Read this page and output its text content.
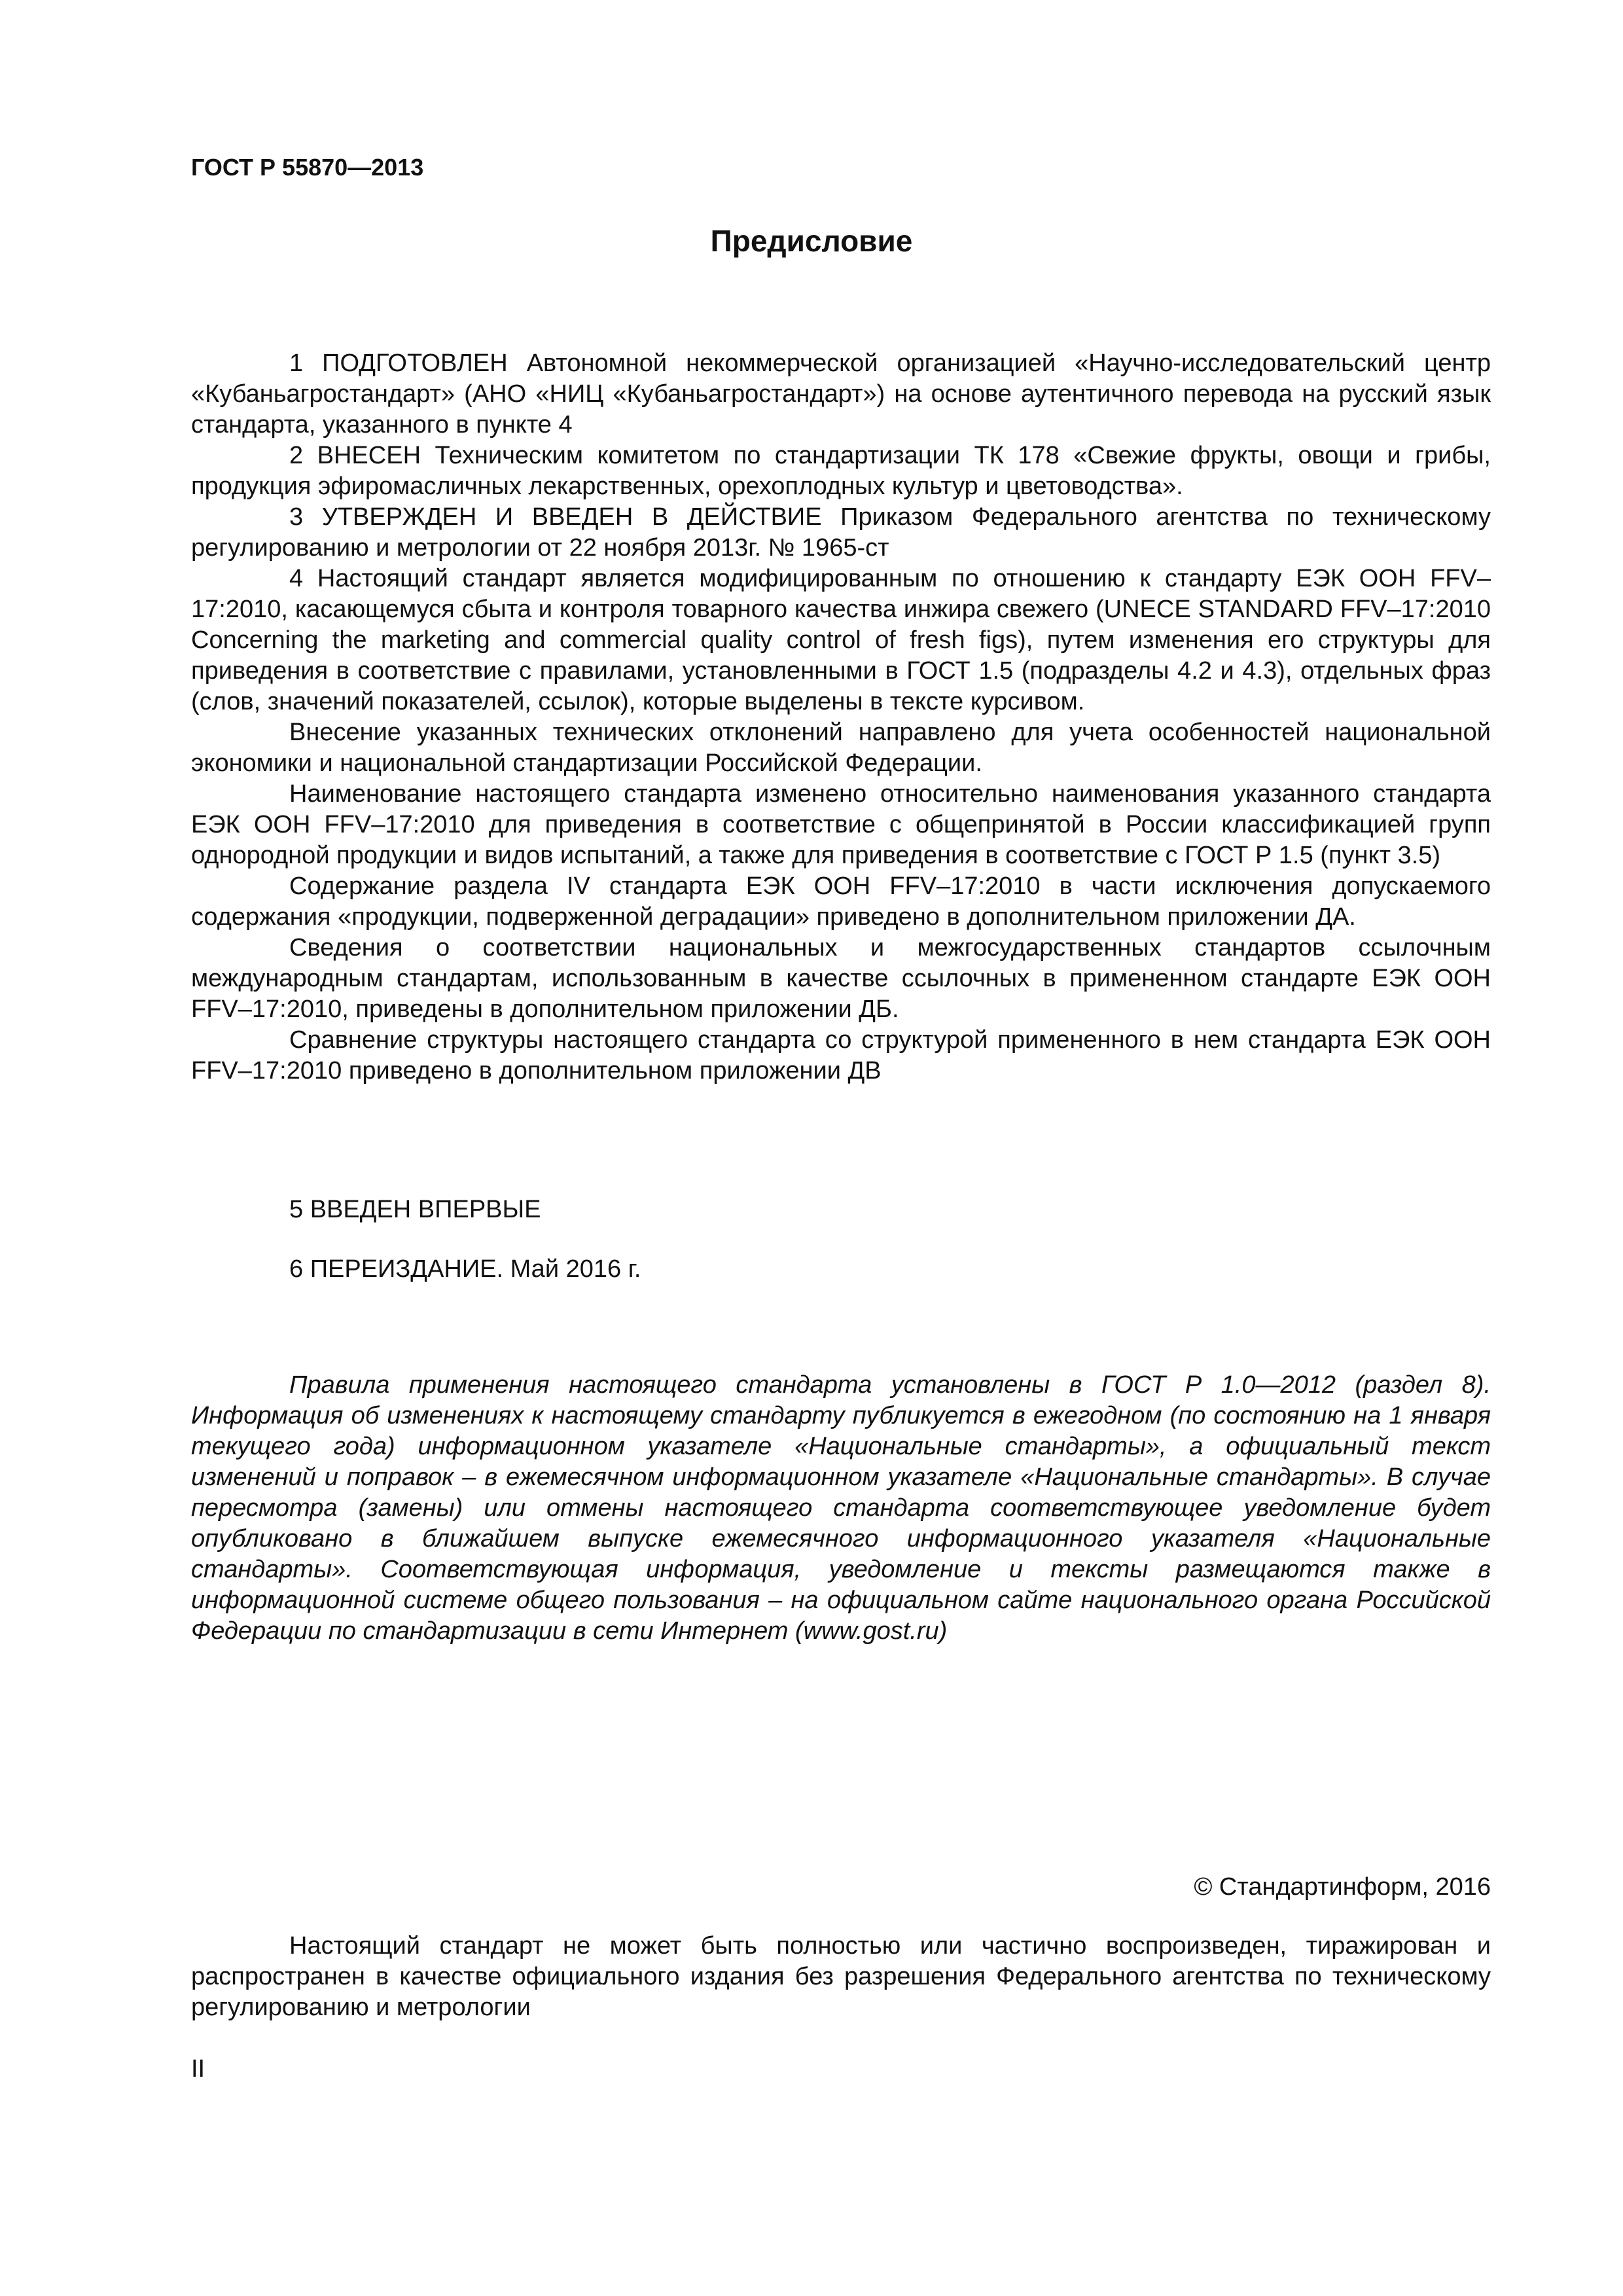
ГОСТ Р 55870—2013
Предисловие

1 ПОДГОТОВЛЕН Автономной некоммерческой организацией «Научно-исследовательский центр «Кубаньагростандарт» (АНО «НИЦ «Кубаньагростандарт») на основе аутентичного перевода на русский язык стандарта, указанного в пункте 4

2 ВНЕСЕН Техническим комитетом по стандартизации ТК 178 «Свежие фрукты, овощи и грибы, продукция эфиромасличных лекарственных, орехоплодных культур и цветоводства».

3 УТВЕРЖДЕН И ВВЕДЕН В ДЕЙСТВИЕ Приказом Федерального агентства по техническому регулированию и метрологии от 22 ноября 2013г. № 1965-ст

4 Настоящий стандарт является модифицированным по отношению к стандарту ЕЭК ООН FFV–17:2010, касающемуся сбыта и контроля товарного качества инжира свежего (UNECE STANDARD FFV–17:2010 Concerning the marketing and commercial quality control of fresh figs), путем изменения его структуры для приведения в соответствие с правилами, установленными в ГОСТ 1.5 (подразделы 4.2 и 4.3), отдельных фраз (слов, значений показателей, ссылок), которые выделены в тексте курсивом.

Внесение указанных технических отклонений направлено для учета особенностей национальной экономики и национальной стандартизации Российской Федерации.

Наименование настоящего стандарта изменено относительно наименования указанного стандарта ЕЭК ООН FFV–17:2010 для приведения в соответствие с общепринятой в России классификацией групп однородной продукции и видов испытаний, а также для приведения в соответствие с ГОСТ Р 1.5 (пункт 3.5)

Содержание раздела IV стандарта ЕЭК ООН FFV–17:2010 в части исключения допускаемого содержания «продукции, подверженной деградации» приведено в дополнительном приложении ДА.

Сведения о соответствии национальных и межгосударственных стандартов ссылочным международным стандартам, использованным в качестве ссылочных в примененном стандарте ЕЭК ООН FFV–17:2010, приведены в дополнительном приложении ДБ.

Сравнение структуры настоящего стандарта со структурой примененного в нем стандарта ЕЭК ООН FFV–17:2010 приведено в дополнительном приложении ДВ

5 ВВЕДЕН ВПЕРВЫЕ

6 ПЕРЕИЗДАНИЕ. Май 2016 г.

Правила применения настоящего стандарта установлены в ГОСТ Р 1.0—2012 (раздел 8). Информация об изменениях к настоящему стандарту публикуется в ежегодном (по состоянию на 1 января текущего года) информационном указателе «Национальные стандарты», а официальный текст изменений и поправок – в ежемесячном информационном указателе «Национальные стандарты». В случае пересмотра (замены) или отмены настоящего стандарта соответствующее уведомление будет опубликовано в ближайшем выпуске ежемесячного информационного указателя «Национальные стандарты». Соответствующая информация, уведомление и тексты размещаются также в информационной системе общего пользования – на официальном сайте национального органа Российской Федерации по стандартизации в сети Интернет (www.gost.ru)

© Стандартинформ, 2016

Настоящий стандарт не может быть полностью или частично воспроизведен, тиражирован и распространен в качестве официального издания без разрешения Федерального агентства по техническому регулированию и метрологии

II
